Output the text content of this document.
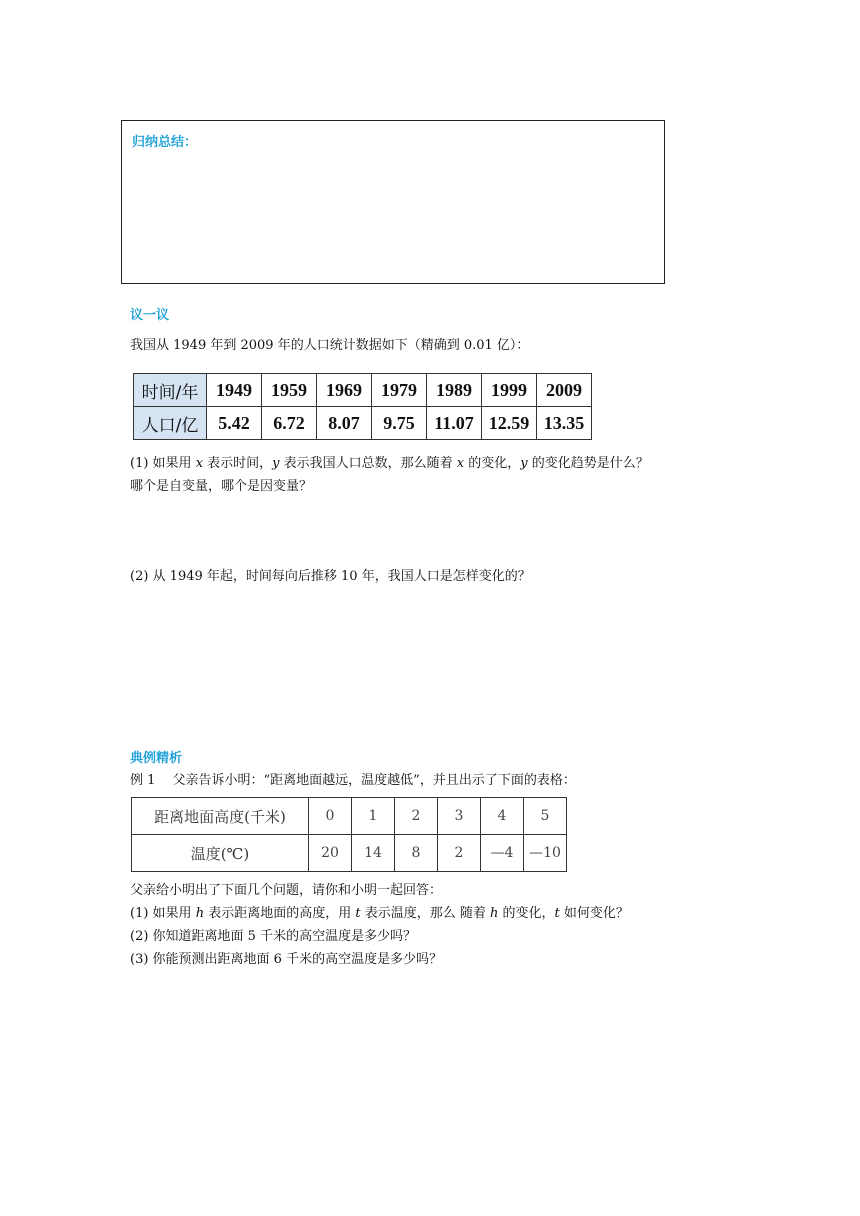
归纳总结：
议一议
我国从 1949 年到 2009 年的人口统计数据如下（精确到 0.01 亿）：
时间/年	1949	1959	1969	1979	1989	1999	2009
人口/亿	5.42	6.72	8.07	9.75	11.07	12.59	13.35
(1) 如果用 x 表示时间，y 表示我国人口总数，那么随着 x 的变化，y 的变化趋势是什么？
哪个是自变量，哪个是因变量？
(2) 从 1949 年起，时间每向后推移 10 年，我国人口是怎样变化的？
典例精析
例 1　 父亲告诉小明：“距离地面越远，温度越低”，并且出示了下面的表格：
距离地面高度(千米)	0	1	2	3	4	5
温度(℃)	20	14	8	2	—4	—10
父亲给小明出了下面几个问题，请你和小明一起回答：
(1) 如果用 h 表示距离地面的高度，用 t 表示温度，那么 随着 h 的变化，t 如何变化？
(2) 你知道距离地面 5 千米的高空温度是多少吗？
(3) 你能预测出距离地面 6 千米的高空温度是多少吗？
